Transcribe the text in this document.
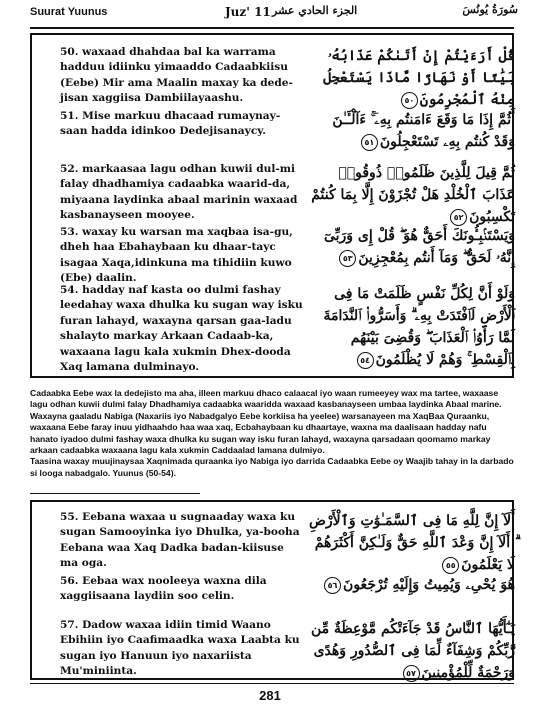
Suurat Yuunus	Juz' 11 الجزء الحادي عشر	سُورَةُ يُونُسَ
50. waxaad dhahdaa bal ka warrama hadduu idiinku yimaaddo Cadaabkiisu (Eebe) Mir ama Maalin maxay ka dede-jisan xaggiisa Dambiilayaashu.
قُلْ أَرَءَيْتُمْ إِنْ أَتَىٰكُمْ عَذَابُهُۥ بَيَٰتًا أَوْ نَهَارًا مَّاذَا يَسْتَعْجِلُ مِنْهُ ٱلْمُجْرِمُونَ٥٠
51. Mise markuu dhacaad rumaynay-saan hadda idinkoo Dedejisanaycy.
أَثُمَّ إِذَا مَا وَقَعَ ءَامَنتُم بِهِۦٓ ۚ ءَآلْـَٔـٰنَ وَقَدْ كُنتُم بِهِۦ تَسْتَعْجِلُونَ٥١
52. markaasaa lagu odhan kuwii dul-mi falay dhadhamiya cadaabka waarid-da, miyaana laydinka abaal marinin waxaad kasbanayseen mooyee.
ثُمَّ قِيلَ لِلَّذِينَ ظَلَمُوا۟ ذُوقُوا۟ عَذَابَ ٱلْخُلْدِ هَلْ تُجْزَوْنَ إِلَّا بِمَا كُنتُمْ تَكْسِبُونَ٥٢
53. waxay ku warsan ma xaqbaa isa-gu, dheh haa Ebahaybaan ku dhaar-tayc isagaa Xaqa,idinkuna ma tihidiin kuwo (Ebe) daalin.
وَيَسْتَنۢبِـُٔونَكَ أَحَقٌّ هُوَ ۖ قُلْ إِى وَرَبِّىٓ إِنَّهُۥ لَحَقٌّ ۖ وَمَآ أَنتُم بِمُعْجِزِينَ٥٣
54. hadday naf kasta oo dulmi fashay leedahay waxa dhulka ku sugan way isku furan lahayd, waxayna qarsan gaa-ladu shalayto markay Arkaan Cadaab-ka, waxaana lagu kala xukmin Dhex-dooda Xaq lamana dulminayo.
وَلَوْ أَنَّ لِكُلِّ نَفْسٍ ظَلَمَتْ مَا فِى ٱلْأَرْضِ لَٱفْتَدَتْ بِهِۦ ۗ وَأَسَرُّوا۟ ٱلنَّدَامَةَ لَمَّا رَأَوُا۟ ٱلْعَذَابَ ۖ وَقُضِىَ بَيْنَهُم بِٱلْقِسْطِ ۚ وَهُمْ لَا يُظْلَمُونَ٥٤

Cadaabka Eebe wax la dedejisto ma aha, illeen markuu dhaco calaacal iyo waan rumeeyey wax ma tartee, waxaase lagu odhan kuwii dulmi falay Dhadhamiya cadaabka waaridda waxaad kasbanayseen umbaa laydinka Abaal marine. Waxayna gaaladu Nabiga (Naxariis iyo Nabadgalyo Eebe korkiisa ha yeelee) warsanayeen ma XaqBaa Quraanku, waxaana Eebe faray inuu yidhaahdo haa waa xaq, Ecbahaybaan ku dhaartaye, waxna ma daalisaan hadday nafu hanato iyadoo dulmi fashay waxa dhulka ku sugan way isku furan lahayd, waxayna qarsadaan qoomamo markay arkaan cadaabka waxaana lagu kala xukmin Caddaalad lamana dulmiyo.

Taasina waxay muujinaysaa Xaqnimada quraanka iyo Nabiga iyo darrida Cadaabka Eebe oy Waajib tahay in la darbado si looga nabadgalo. Yuunus (50-54).

55. Eebana waxaa u sugnaaday waxa ku sugan Samooyinka iyo Dhulka, ya-booha Eebana waa Xaq Dadka badan-kiisuse ma oga.
أَلَآ إِنَّ لِلَّهِ مَا فِى ٱلسَّمَـٰوَٰتِ وَٱلْأَرْضِ ۗ أَلَآ إِنَّ وَعْدَ ٱللَّهِ حَقٌّ وَلَـٰكِنَّ أَكْثَرَهُمْ لَا يَعْلَمُونَ٥٥
56. Eebaa wax nooleeya waxna dila xaggiisaana laydiin soo celin.
هُوَ يُحْىِۦ وَيُمِيتُ وَإِلَيْهِ تُرْجَعُونَ٥٦
57. Dadow waxaa idiin timid Waano Ebihiin iyo Caafimaadka waxa Laabta ku sugan iyo Hanuun iyo naxariista Mu'miniinta.
يَـٰٓأَيُّهَا ٱلنَّاسُ قَدْ جَآءَتْكُم مَّوْعِظَةٌ مِّن رَّبِّكُمْ وَشِفَآءٌ لِّمَا فِى ٱلصُّدُورِ وَهُدًى وَرَحْمَةٌ لِّلْمُؤْمِنِينَ٥٧
281
